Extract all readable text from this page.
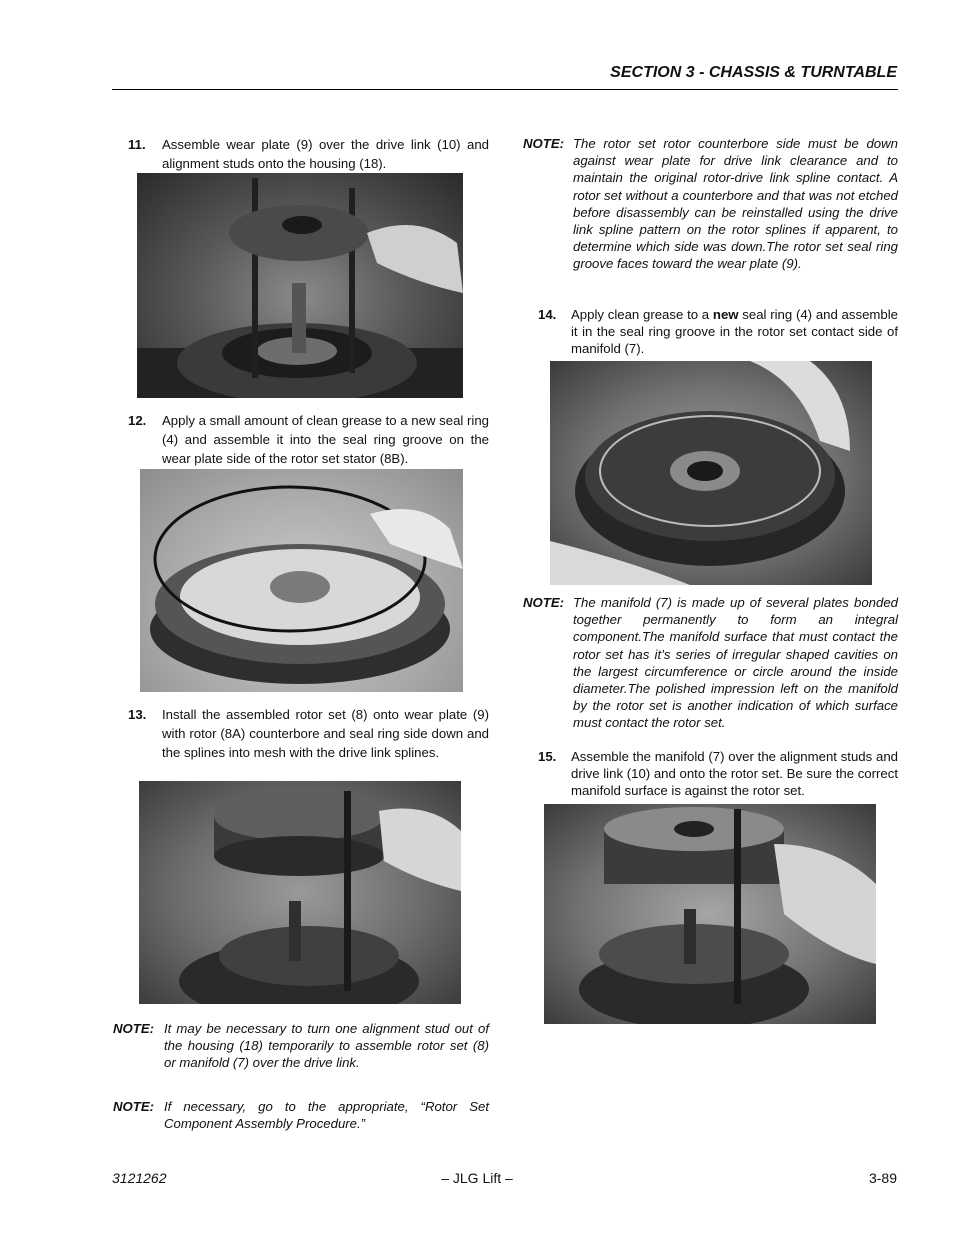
SECTION 3 - CHASSIS & TURNTABLE
11. Assemble wear plate (9) over the drive link (10) and alignment studs onto the housing (18).
12. Apply a small amount of clean grease to a new seal ring (4) and assemble it into the seal ring groove on the wear plate side of the rotor set stator (8B).
13. Install the assembled rotor set (8) onto wear plate (9) with rotor (8A) counterbore and seal ring side down and the splines into mesh with the drive link splines.
NOTE: It may be necessary to turn one alignment stud out of the housing (18) temporarily to assemble rotor set (8) or manifold (7) over the drive link.
NOTE: If necessary, go to the appropriate, “Rotor Set Component Assembly Procedure.”
NOTE: The rotor set rotor counterbore side must be down against wear plate for drive link clearance and to maintain the original rotor-drive link spline contact. A rotor set without a counterbore and that was not etched before disassembly can be reinstalled using the drive link spline pattern on the rotor splines if apparent, to determine which side was down.The rotor set seal ring groove faces toward the wear plate (9).
14. Apply clean grease to a new seal ring (4) and assemble it in the seal ring groove in the rotor set contact side of manifold (7).
NOTE: The manifold (7) is made up of several plates bonded together permanently to form an integral component.The manifold surface that must contact the rotor set has it’s series of irregular shaped cavities on the largest circumference or circle around the inside diameter.The polished impression left on the manifold by the rotor set is another indication of which surface must contact the rotor set.
15. Assemble the manifold (7) over the alignment studs and drive link (10) and onto the rotor set. Be sure the correct manifold surface is against the rotor set.
3121262	– JLG Lift –	3-89
